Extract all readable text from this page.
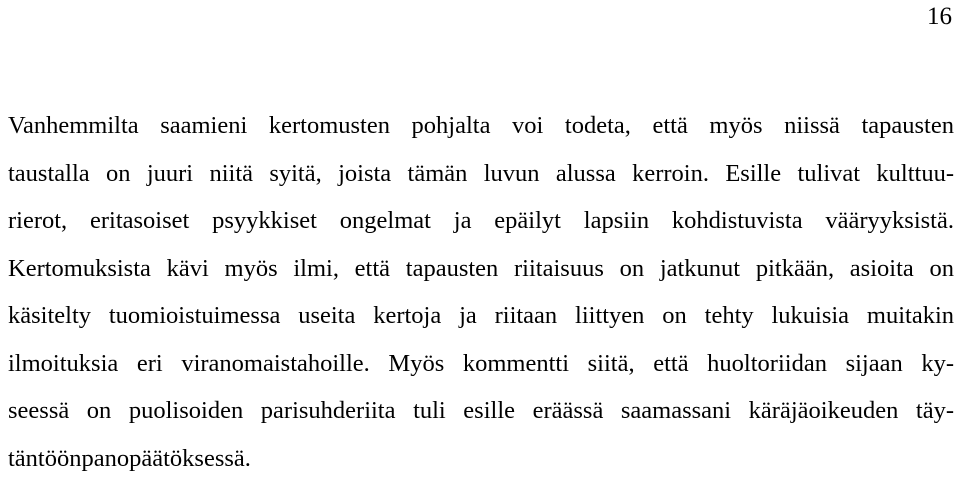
16
Vanhemmilta saamieni kertomusten pohjalta voi todeta, että myös niissä tapausten
taustalla on juuri niitä syitä, joista tämän luvun alussa kerroin. Esille tulivat kulttuu-
rierot, eritasoiset psyykkiset ongelmat ja epäilyt lapsiin kohdistuvista vääryyksistä.
Kertomuksista kävi myös ilmi, että tapausten riitaisuus on jatkunut pitkään, asioita on
käsitelty tuomioistuimessa useita kertoja ja riitaan liittyen on tehty lukuisia muitakin
ilmoituksia eri viranomaistahoille. Myös kommentti siitä, että huoltoriidan sijaan ky-
seessä on puolisoiden parisuhderiita tuli esille eräässä saamassani käräjäoikeuden täy-
täntöönpanopäätöksessä.
